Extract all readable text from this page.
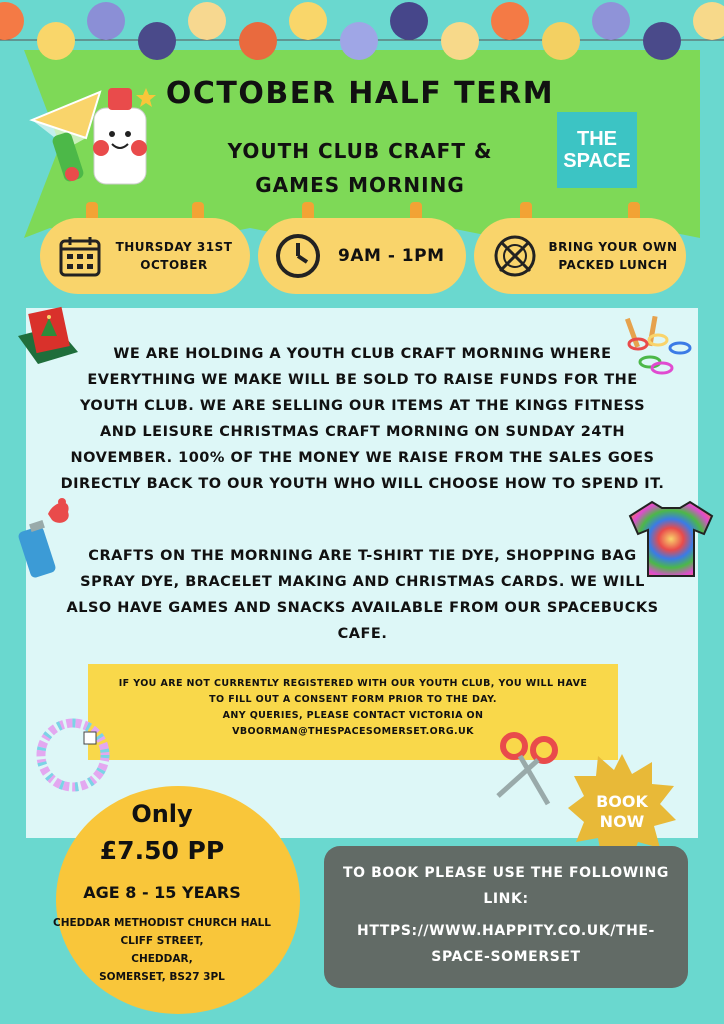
OCTOBER HALF TERM
YOUTH CLUB CRAFT &
GAMES MORNING
THE
SPACE
THURSDAY 31ST
OCTOBER	9AM - 1PM	BRING YOUR OWN
PACKED LUNCH
WE ARE HOLDING A YOUTH CLUB CRAFT MORNING WHERE EVERYTHING WE MAKE WILL BE SOLD TO RAISE FUNDS FOR THE YOUTH CLUB. WE ARE SELLING OUR ITEMS AT THE KINGS FITNESS AND LEISURE CHRISTMAS CRAFT MORNING ON SUNDAY 24TH NOVEMBER. 100% OF THE MONEY WE RAISE FROM THE SALES GOES DIRECTLY BACK TO OUR YOUTH WHO WILL CHOOSE HOW TO SPEND IT.
CRAFTS ON THE MORNING ARE T-SHIRT TIE DYE, SHOPPING BAG SPRAY DYE, BRACELET MAKING AND CHRISTMAS CARDS. WE WILL ALSO HAVE GAMES AND SNACKS AVAILABLE FROM OUR SPACEBUCKS CAFE.
IF YOU ARE NOT CURRENTLY REGISTERED WITH OUR YOUTH CLUB, YOU WILL HAVE
TO FILL OUT A CONSENT FORM PRIOR TO THE DAY.
ANY QUERIES, PLEASE CONTACT VICTORIA ON
VBOORMAN@THESPACESOMERSET.ORG.UK
BOOK
NOW
Only
£7.50 PP
AGE 8 - 15 YEARS
CHEDDAR METHODIST CHURCH HALL
CLIFF STREET,
CHEDDAR,
SOMERSET, BS27 3PL
TO BOOK PLEASE USE THE FOLLOWING LINK:
HTTPS://WWW.HAPPITY.CO.UK/THE-SPACE-SOMERSET
